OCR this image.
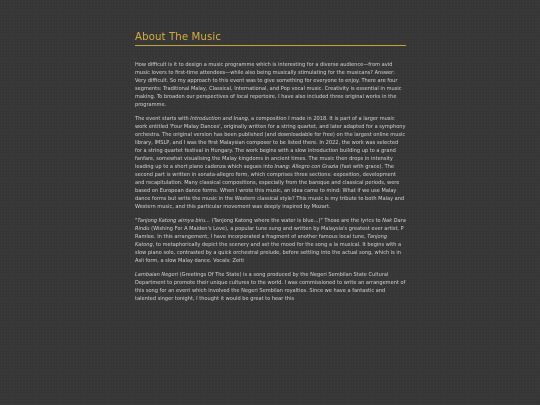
About The Music

How difficult is it to design a music programme which is interesting for a diverse audience—from avid music lovers to first-time attendees—while also being musically stimulating for the musicans? Answer: Very difficult. So my approach to this event was to give something for everyone to enjoy. There are four segments: Traditional Malay, Classical, International, and Pop vocal music. Creativity is essential in music making. To broaden our perspectives of local repertoire, I have also included three original works in the programme.

The event starts with Introduction and Inang, a composition I made in 2018. It is part of a larger music work entitled 'Four Malay Dances', originally written for a string quartet, and later adapted for a symphony orchestra. The original version has been published (and downloadable for free) on the largest online music library, IMSLP, and I was the first Malaysian composer to be listed there. In 2022, the work was selected for a string quartet festival in Hungary. The work begins with a slow introduction building up to a grand fanfare, somewhat visualising the Malay kingdoms in ancient times. The music then drops in intensity leading up to a short piano cadenza which segues into Inang: Allegro con Grazia (fast with grace). The second part is written in sonata-allegro form, which comprises three sections: exposition, development and recapitulation. Many classical compositions, especially from the baroque and classical periods, were based on European dance forms. When I wrote this music, an idea came to mind: What if we use Malay dance forms but write the music in the Western classical style? This music is my tribute to both Malay and Western music, and this particular movement was deeply inspired by Mozart.

"Tanjong Katong airnya biru... (Tanjong Katong where the water is blue...)" Those are the lyrics to Nak Dara Rindu (Wishing For A Maiden's Love), a popular tune sung and written by Malaysia's greatest ever artist, P Ramlee. In this arrangement, I have incorporated a fragment of another famous local tune, Tanjong Katong, to metaphorically depict the scenery and set the mood for the song a la musical. It begins with a slow piano solo, contrasted by a quick orchestral prelude, before settling into the actual song, which is in Asli form, a slow Malay dance. Vocals: Zeiti

Lambaian Negeri (Greetings Of The State) is a song produced by the Negeri Sembilan State Cultural Department to promote their unique cultures to the world. I was commissioned to write an arrangement of this song for an event which involved the Negeri Sembilan royalties. Since we have a fantastic and talented singer tonight, I thought it would be great to hear this
